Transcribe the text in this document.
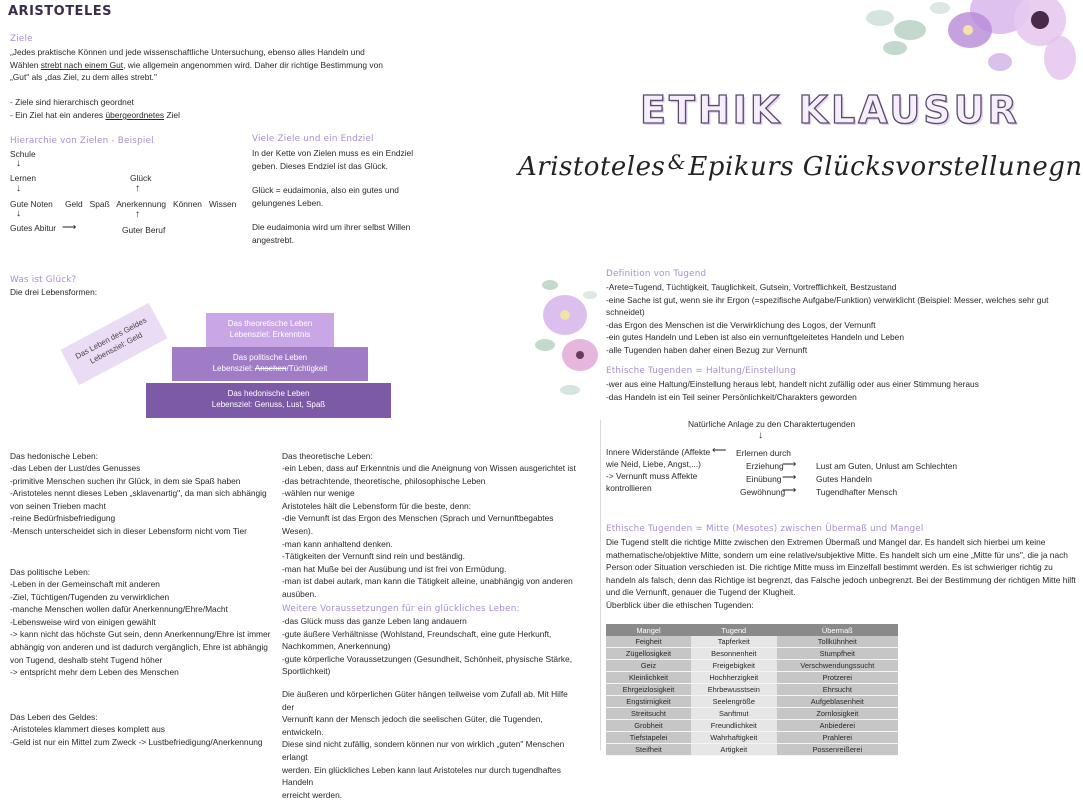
ARISTOTELES
ETHIK KLAUSUR
Aristoteles & Epikurs Glücksvorstellunegn
Ziele
„Jedes praktische Können und jede wissenschaftliche Untersuchung, ebenso alles Handeln und
Wählen strebt nach einem Gut, wie allgemein angenommen wird. Daher dir richtige Bestimmung von
„Gut" als „das Ziel, zu dem alles strebt."
- Ziele sind hierarchisch geordnet
- Ein Ziel hat ein anderes übergeordnetes Ziel
Hierarchie von Zielen - Beispiel
Schule
↓
Lernen
↓
Gute Noten
↓
Gutes Abitur ⟶
Glück
↑
Geld   Spaß   Anerkennung   Können   Wissen
↑
Guter Beruf
Viele Ziele und ein Endziel
In der Kette von Zielen muss es ein Endziel
geben. Dieses Endziel ist das Glück.
Glück = eudaimonia, also ein gutes und
gelungenes Leben.
Die eudaimonia wird um ihrer selbst Willen
angestrebt.
Was ist Glück?
Die drei Lebensformen:
Das theoretische Leben
Lebensziel: Erkenntnis
Das politische Leben
Lebensziel: Ansehen/Tüchtigkeit
Das hedonische Leben
Lebensziel: Genuss, Lust, Spaß
Das Leben des Geldes
Lebensziel: Geld
Das hedonische Leben:
-das Leben der Lust/des Genusses
-primitive Menschen suchen ihr Glück, in dem sie Spaß haben
-Aristoteles nennt dieses Leben „sklavenartig", da man sich abhängig
von seinen Trieben macht
-reine Bedürfnisbefriedigung
-Mensch unterscheidet sich in dieser Lebensform nicht vom Tier
Das politische Leben:
-Leben in der Gemeinschaft mit anderen
-Ziel, Tüchtigen/Tugenden zu verwirklichen
-manche Menschen wollen dafür Anerkennung/Ehre/Macht
-Lebensweise wird von einigen gewählt
-> kann nicht das höchste Gut sein, denn Anerkennung/Ehre ist immer
abhängig von anderen und ist dadurch vergänglich, Ehre ist abhängig
von Tugend, deshalb steht Tugend höher
-> entspricht mehr dem Leben des Menschen
Das Leben des Geldes:
-Aristoteles klammert dieses komplett aus
-Geld ist nur ein Mittel zum Zweck -> Lustbefriedigung/Anerkennung
Das theoretische Leben:
-ein Leben, dass auf Erkenntnis und die Aneignung von Wissen ausgerichtet ist
-das betrachtende, theoretische, philosophische Leben
-wählen nur wenige
Aristoteles hält die Lebensform für die beste, denn:
-die Vernunft ist das Ergon des Menschen (Sprach und Vernunftbegabtes Wesen).
-man kann anhaltend denken.
-Tätigkeiten der Vernunft sind rein und beständig.
-man hat Muße bei der Ausübung und ist frei von Ermüdung.
-man ist dabei autark, man kann die Tätigkeit alleine, unabhängig von anderen
ausüben.
Weitere Voraussetzungen für ein glückliches Leben:
-das Glück muss das ganze Leben lang andauern
-gute äußere Verhältnisse (Wohlstand, Freundschaft, eine gute Herkunft,
Nachkommen, Anerkennung)
-gute körperliche Voraussetzungen (Gesundheit, Schönheit, physische Stärke,
Sportlichkeit)
Die äußeren und körperlichen Güter hängen teilweise vom Zufall ab. Mit Hilfe der
Vernunft kann der Mensch jedoch die seelischen Güter, die Tugenden, entwickeln.
Diese sind nicht zufällig, sondern können nur von wirklich „guten" Menschen erlangt
werden. Ein glückliches Leben kann laut Aristoteles nur durch tugendhaftes Handeln
erreicht werden.
Definition von Tugend
-Arete=Tugend, Tüchtigkeit, Tauglichkeit, Gutsein, Vortrefflichkeit, Bestzustand
-eine Sache ist gut, wenn sie ihr Ergon (=spezifische Aufgabe/Funktion) verwirklicht (Beispiel: Messer, welches sehr gut schneidet)
-das Ergon des Menschen ist die Verwirklichung des Logos, der Vernunft
-ein gutes Handeln und Leben ist also ein vernunftgeleitetes Handeln und Leben
-alle Tugenden haben daher einen Bezug zur Vernunft
Ethische Tugenden = Haltung/Einstellung
-wer aus eine Haltung/Einstellung heraus lebt, handelt nicht zufällig oder aus einer Stimmung heraus
-das Handeln ist ein Teil seiner Persönlichkeit/Charakters geworden
Natürliche Anlage zu den Charaktertugenden
↓
Innere Widerstände (Affekte
wie Neid, Liebe, Angst,...)
-> Vernunft muss Affekte
kontrollieren
⟵ Erlernen durch
Erziehung
⟶ Lust am Guten, Unlust am Schlechten
Einübung ⟶ Gutes Handeln
Gewöhnung
⟶ Tugendhafter Mensch
Ethische Tugenden = Mitte (Mesotes) zwischen Übermaß und Mangel
Die Tugend stellt die richtige Mitte zwischen den Extremen Übermaß und Mangel dar. Es handelt sich hierbei um keine
mathematische/objektive Mitte, sondern um eine relative/subjektive Mitte. Es handelt sich um eine „Mitte für uns", die ja nach
Person oder Situation verschieden ist. Die richtige Mitte muss im Einzelfall bestimmt werden. Es ist schwieriger richtig zu
handeln als falsch, denn das Richtige ist begrenzt, das Falsche jedoch unbegrenzt. Bei der Bestimmung der richtigen Mitte hilft
und die Vernunft, genauer die Tugend der Klugheit.
Überblick über die ethischen Tugenden:
Mangel	Tugend	Übermaß
Feigheit	Tapferkeit	Tollkühnheit
Zügellosigkeit	Besonnenheit	Stumpfheit
Geiz	Freigebigkeit	Verschwendungssucht
Kleinlichkeit	Hochherzigkeit	Protzerei
Ehrgeizlosigkeit	Ehrbewusstsein	Ehrsucht
Engstirnigkeit	Seelengröße	Aufgeblasenheit
Streitsucht	Sanftmut	Zornlosigkeit
Grobheit	Freundlichkeit	Anbiederei
Tiefstapelei	Wahrhaftigkeit	Prahlerei
Steifheit	Artigkeit	Possenreißerei
